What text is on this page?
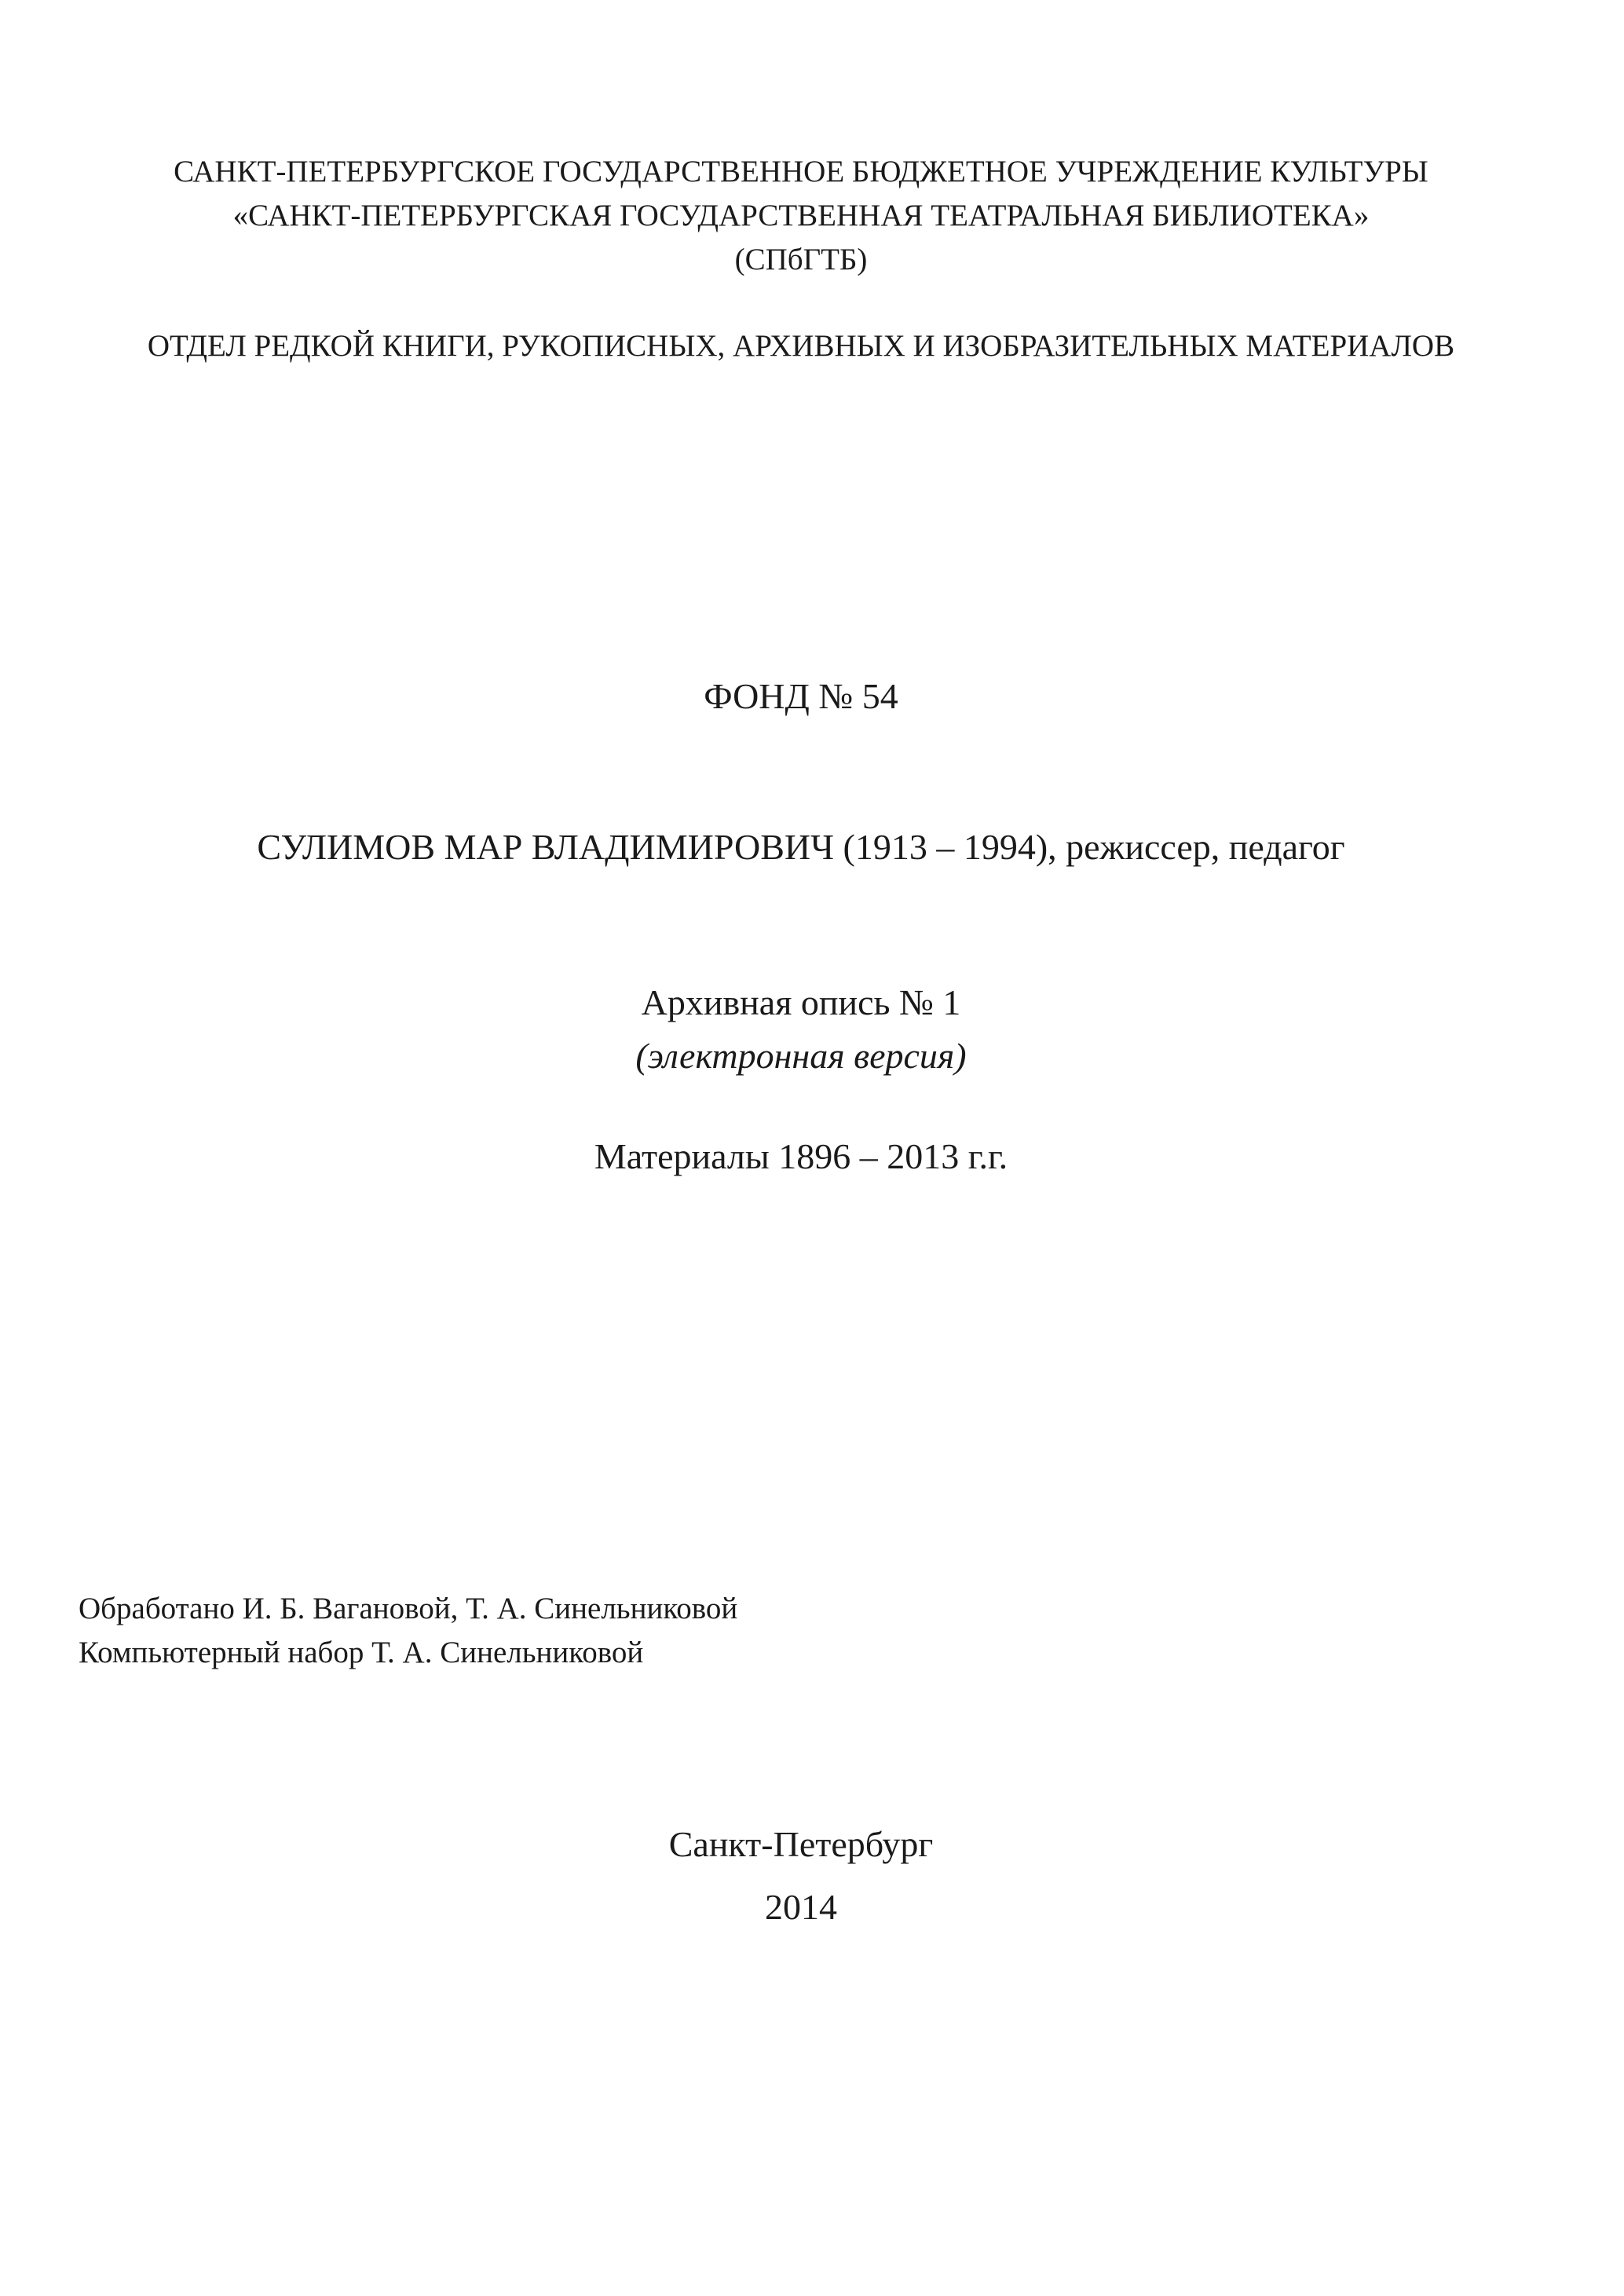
САНКТ-ПЕТЕРБУРГСКОЕ ГОСУДАРСТВЕННОЕ БЮДЖЕТНОЕ УЧРЕЖДЕНИЕ КУЛЬТУРЫ
«САНКТ-ПЕТЕРБУРГСКАЯ ГОСУДАРСТВЕННАЯ ТЕАТРАЛЬНАЯ БИБЛИОТЕКА»
(СПбГТБ)
ОТДЕЛ РЕДКОЙ КНИГИ, РУКОПИСНЫХ, АРХИВНЫХ И ИЗОБРАЗИТЕЛЬНЫХ МАТЕРИАЛОВ
ФОНД № 54
СУЛИМОВ МАР ВЛАДИМИРОВИЧ (1913 – 1994), режиссер, педагог
Архивная опись № 1
(электронная версия)
Материалы 1896 – 2013 г.г.
Обработано И. Б. Вагановой, Т. А. Синельниковой
Компьютерный набор Т. А. Синельниковой
Санкт-Петербург
2014
